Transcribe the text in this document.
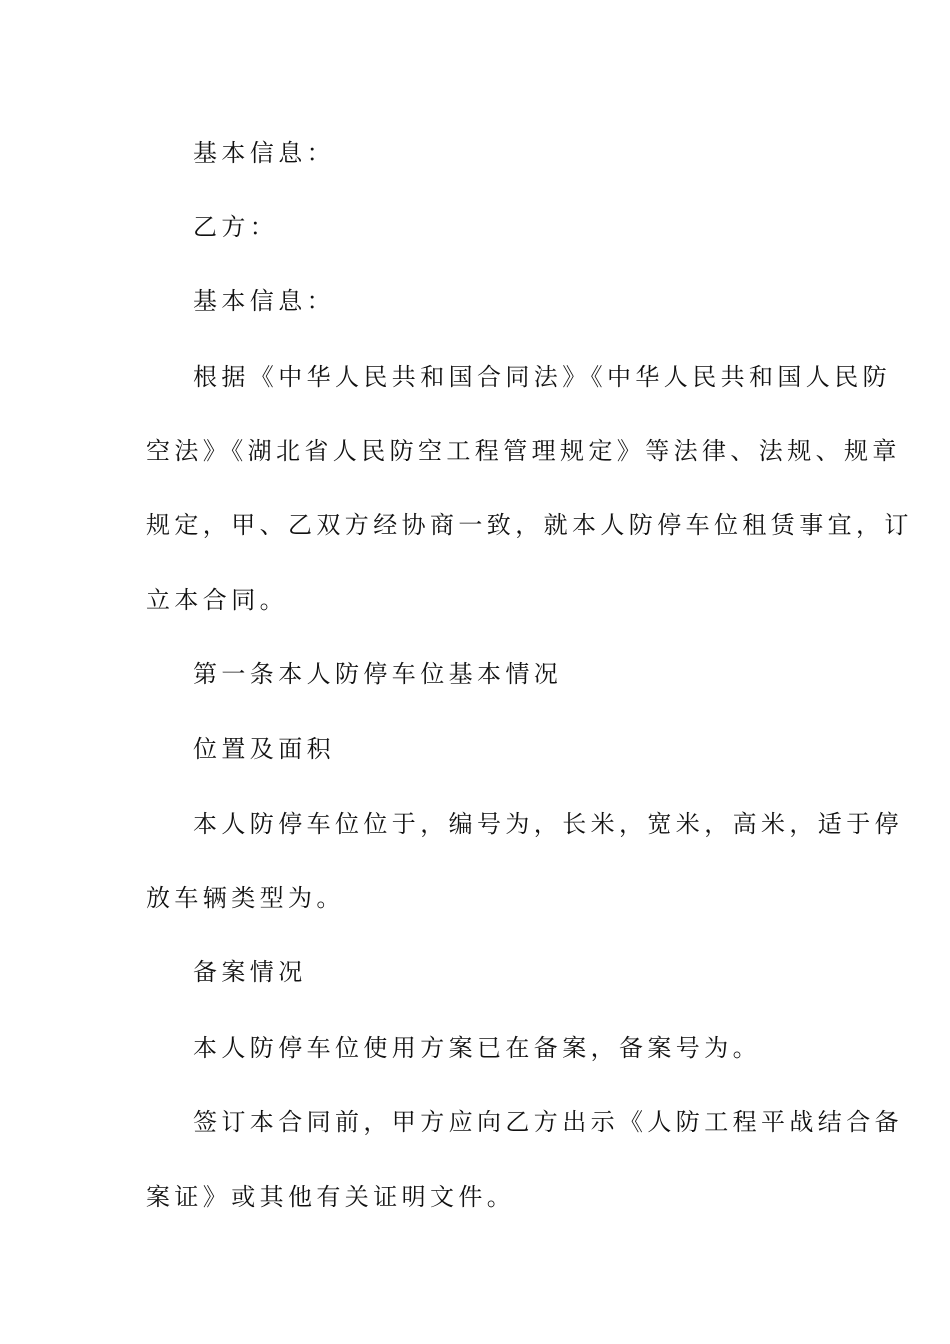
基本信息：

乙方：

基本信息：

根据《中华人民共和国合同法》《中华人民共和国人民防

空法》《湖北省人民防空工程管理规定》等法律、法规、规章

规定，甲、乙双方经协商一致，就本人防停车位租赁事宜，订

立本合同。

第一条本人防停车位基本情况

位置及面积

本人防停车位位于，编号为，长米，宽米，高米，适于停

放车辆类型为。

备案情况

本人防停车位使用方案已在备案，备案号为。

签订本合同前，甲方应向乙方出示《人防工程平战结合备

案证》或其他有关证明文件。
